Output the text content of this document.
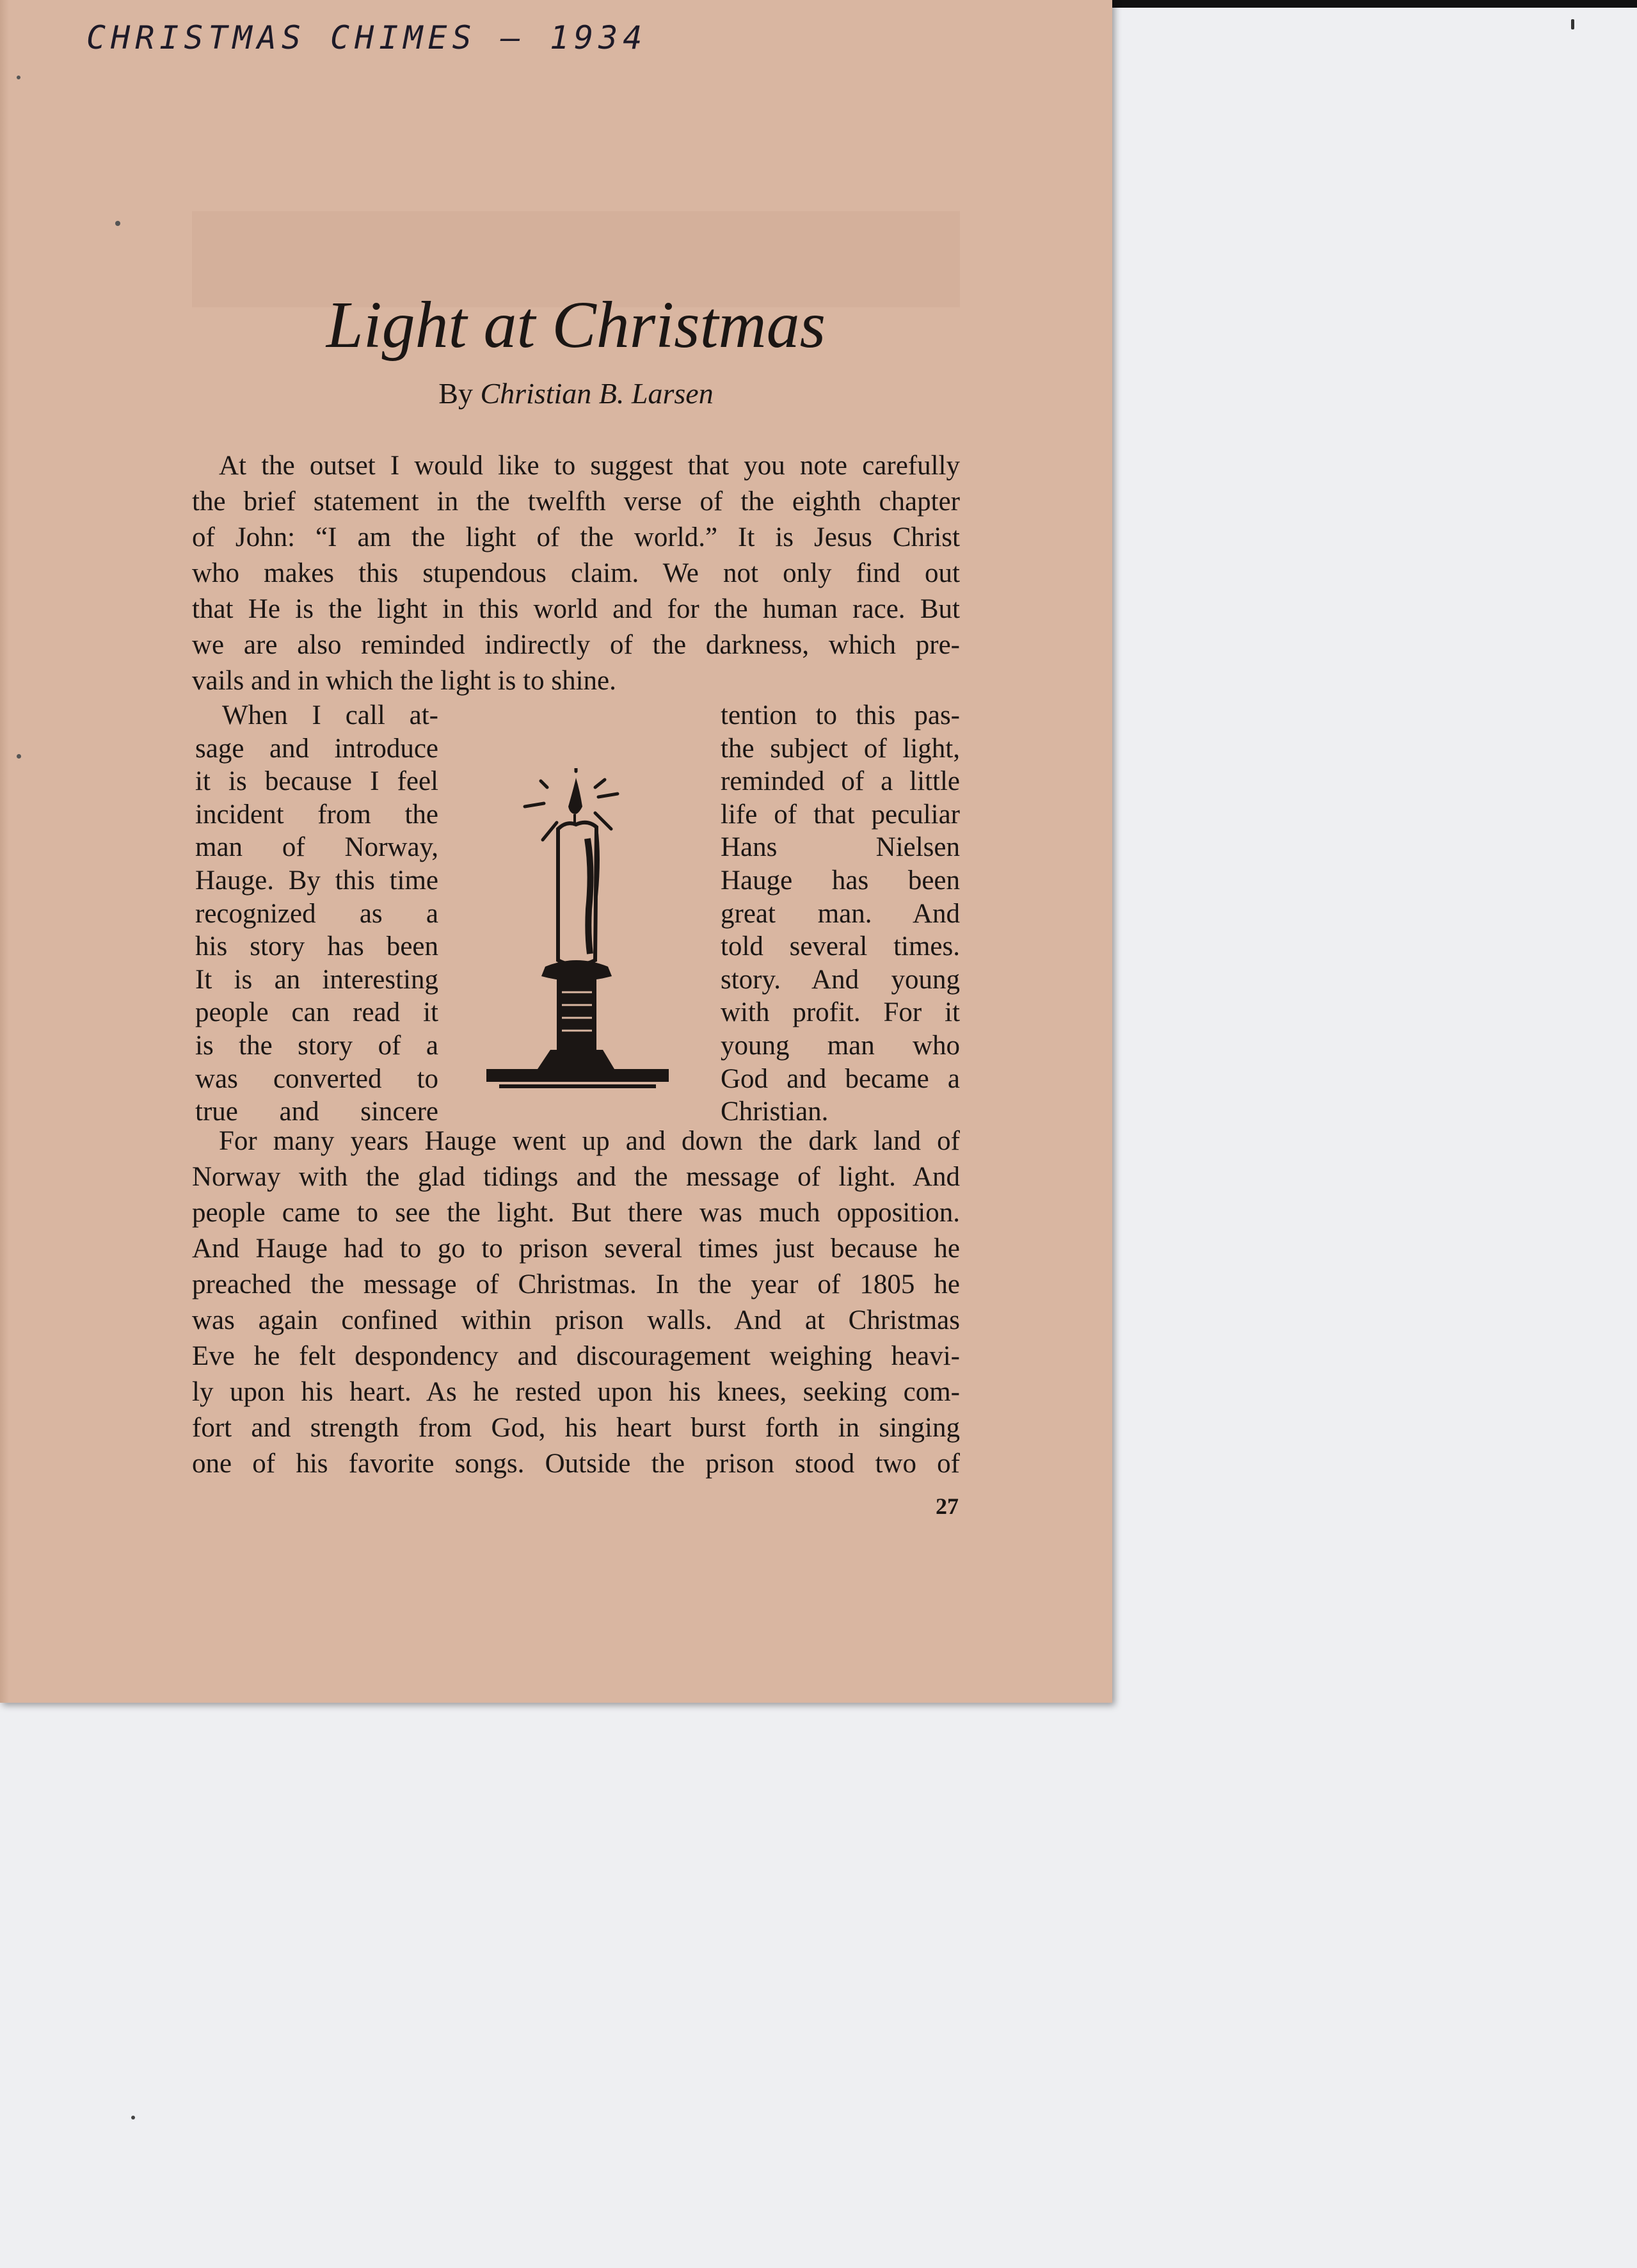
CHRISTMAS CHIMES – 1934
Light at Christmas
By Christian B. Larsen
At the outset I would like to suggest that you note carefully
the brief statement in the twelfth verse of the eighth chapter
of John: “I am the light of the world.” It is Jesus Christ
who makes this stupendous claim. We not only find out
that He is the light in this world and for the human race. But
we are also reminded indirectly of the darkness, which pre-
vails and in which the light is to shine.
When I call at-
sage and introduce
it is because I feel
incident from the
man of Norway,
Hauge. By this time
recognized as a
his story has been
It is an interesting
people can read it
is the story of a
was converted to
true and sincere
tention to this pas-
the subject of light,
reminded of a little
life of that peculiar
Hans Nielsen
Hauge has been
great man. And
told several times.
story. And young
with profit. For it
young man who
God and became a
Christian.
For many years Hauge went up and down the dark land of
Norway with the glad tidings and the message of light. And
people came to see the light. But there was much opposition.
And Hauge had to go to prison several times just because he
preached the message of Christmas. In the year of 1805 he
was again confined within prison walls. And at Christmas
Eve he felt despondency and discouragement weighing heavi-
ly upon his heart. As he rested upon his knees, seeking com-
fort and strength from God, his heart burst forth in singing
one of his favorite songs. Outside the prison stood two of
27
